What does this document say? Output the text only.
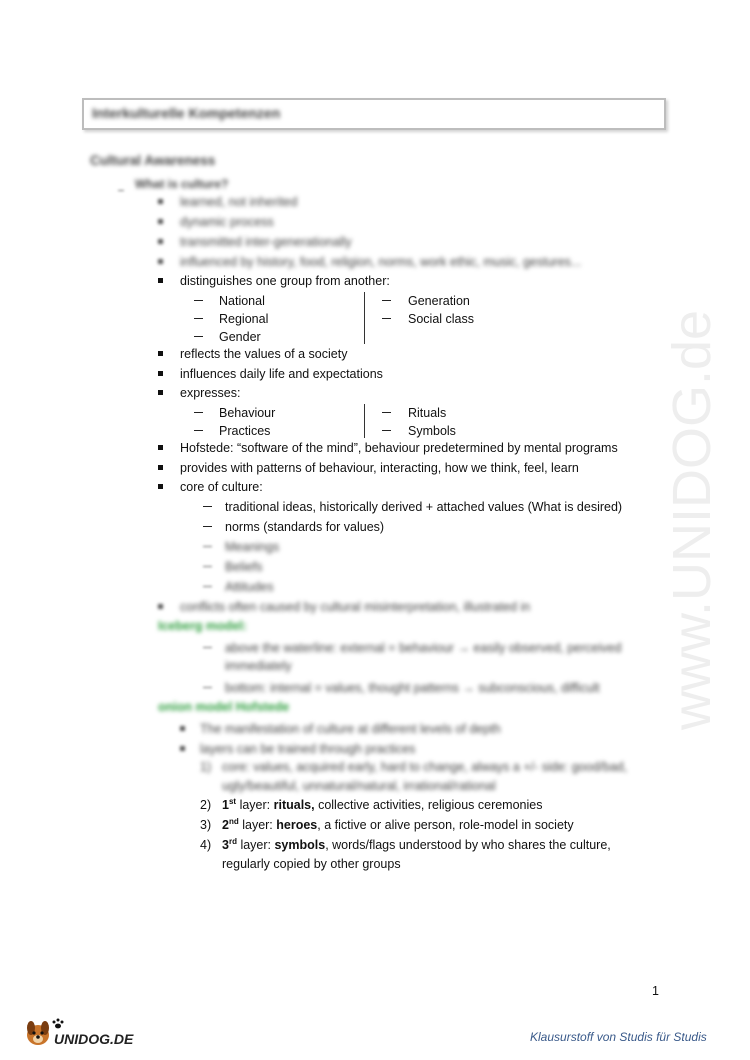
Interkulturelle Kompetenzen
Cultural Awareness
What is culture?
learned, not inherited
dynamic process
transmitted inter-generationally
influenced by history, food, religion, norms, work ethic, music, gestures...
distinguishes one group from another:
National
Regional
Gender
Generation
Social class
reflects the values of a society
influences daily life and expectations
expresses:
Behaviour
Practices
Rituals
Symbols
Hofstede: “software of the mind”, behaviour predetermined by mental programs
provides with patterns of behaviour, interacting, how we think, feel, learn
core of culture:
traditional ideas, historically derived + attached values (What is desired)
norms (standards for values)
Meanings
Beliefs
Attitudes
conflicts often caused by cultural misinterpretation, illustrated in
Iceberg model:
above the waterline: external = behaviour → easily observed, perceived
immediately
bottom: internal = values, thought patterns → subconscious, difficult
onion model Hofstede
The manifestation of culture at different levels of depth
layers can be trained through practices
1) core: values, acquired early, hard to change, always a +/- side: good/bad,
ugly/beautiful, unnatural/natural, irrational/rational
2) 1st layer: rituals, collective activities, religious ceremonies
3) 2nd layer: heroes, a fictive or alive person, role-model in society
4) 3rd layer: symbols, words/flags understood by who shares the culture,
regularly copied by other groups
www.UNIDOG.de
1
UNIDOG.DE	Klausurstoff von Studis für Studis
